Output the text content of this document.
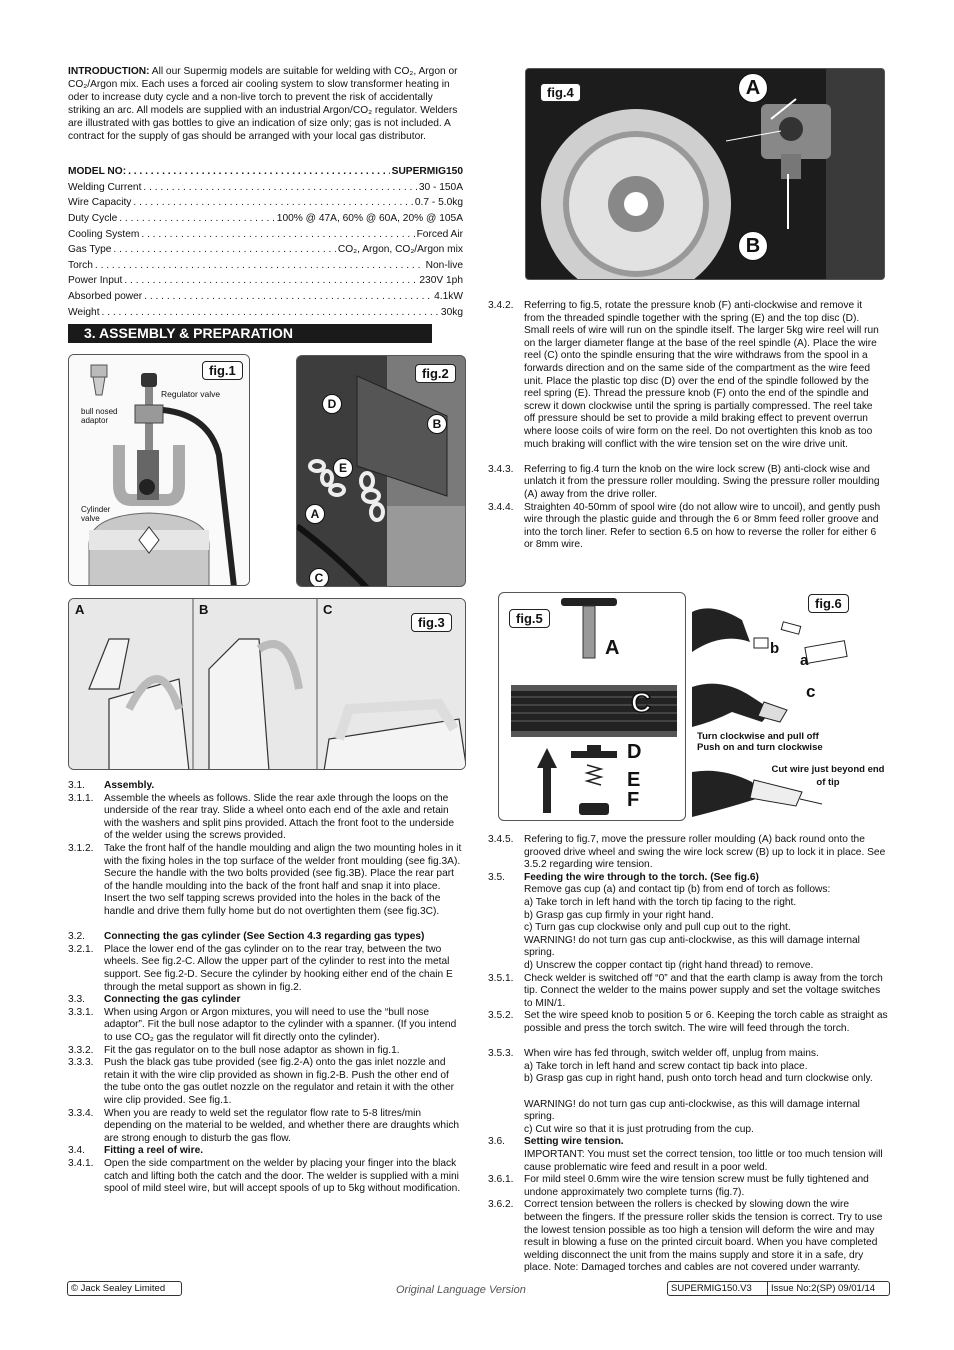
INTRODUCTION: All our Supermig models are suitable for welding with CO₂, Argon or CO₂/Argon mix. Each uses a forced air cooling system to slow transformer heating in oder to increase duty cycle and a non-live torch to prevent the risk of accidentally striking an arc. All models are supplied with an industrial Argon/CO₂ regulator. Welders are illustrated with gas bottles to give an indication of size only; gas is not included. A contract for the supply of gas should be arranged with your local gas distributor.
MODEL NO: . . .	SUPERMIG150
Welding Current . . .	30 - 150A
Wire Capacity . . .	0.7 - 5.0kg
Duty Cycle . . .	100% @ 47A, 60% @ 60A, 20% @ 105A
Cooling System . . .	Forced Air
Gas Type . . .	CO₂, Argon, CO₂/Argon mix
Torch . . .	Non-live
Power Input . . .	230V 1ph
Absorbed power . . .	4.1kW
Weight . . .	30kg
3. ASSEMBLY & PREPARATION
fig.1
Regulator valve
bull nosed adaptor
Cylinder valve
fig.2
D
B
E
A
C
A	B	C
fig.3
fig.4	A
B
fig.5
A
C
D
E
F
fig.6
b
a
c
Turn clockwise and pull off
Push on and turn clockwise
Cut wire just beyond end of tip
3.1.	Assembly.
3.1.1.	Assemble the wheels as follows. Slide the rear axle through the loops on the underside of the rear tray. Slide a wheel onto each end of the axle and retain with the washers and split pins provided. Attach the front foot to the underside of the welder using the screws provided.
3.1.2.	Take the front half of the handle moulding and align the two mounting holes in it with the fixing holes in the top surface of the welder front moulding (see fig.3A). Secure the handle with the two bolts provided (see fig.3B). Place the rear part of the handle moulding into the back of the front half and snap it into place. Insert the two self tapping screws provided into the holes in the back of the handle and drive them fully home but do not overtighten them (see fig.3C).
3.2.	Connecting the gas cylinder (See Section 4.3 regarding gas types)
3.2.1.	Place the lower end of the gas cylinder on to the rear tray, between the two wheels. See fig.2-C. Allow the upper part of the cylinder to rest into the metal support. See fig.2-D. Secure the cylinder by hooking either end of the chain E through the metal support as shown in fig.2.
3.3.	Connecting the gas cylinder
3.3.1.	When using Argon or Argon mixtures, you will need to use the “bull nose adaptor”. Fit the bull nose adaptor to the cylinder with a spanner. (If you intend to use CO₂ gas the regulator will fit directly onto the cylinder).
3.3.2.	Fit the gas regulator on to the bull nose adaptor as shown in fig.1.
3.3.3.	Push the black gas tube provided (see fig.2-A) onto the gas inlet nozzle and retain it with the wire clip provided as shown in fig.2-B. Push the other end of the tube onto the gas outlet nozzle on the regulator and retain it with the other wire clip provided. See fig.1.
3.3.4.	When you are ready to weld set the regulator flow rate to 5-8 litres/min depending on the material to be welded, and whether there are draughts which are strong enough to disturb the gas flow.
3.4.	Fitting a reel of wire.
3.4.1.	Open the side compartment on the welder by placing your finger into the black catch and lifting both the catch and the door. The welder is supplied with a mini spool of mild steel wire, but will accept spools of up to 5kg without modification.
3.4.2.	Referring to fig.5, rotate the pressure knob (F) anti-clockwise and remove it from the threaded spindle together with the spring (E) and the top disc (D). Small reels of wire will run on the spindle itself. The larger 5kg wire reel will run on the larger diameter flange at the base of the reel spindle (A). Place the wire reel (C) onto the spindle ensuring that the wire withdraws from the spool in a forwards direction and on the same side of the compartment as the wire feed unit. Place the plastic top disc (D) over the end of the spindle followed by the reel spring (E). Thread the pressure knob (F) onto the end of the spindle and screw it down clockwise until the spring is partially compressed. The reel take off pressure should be set to provide a mild braking effect to prevent overrun where loose coils of wire form on the reel. Do not overtighten this knob as too much braking will conflict with the wire tension set on the wire drive unit.
3.4.3.	Referring to fig.4 turn the knob on the wire lock screw (B) anti-clock wise and unlatch it from the pressure roller moulding. Swing the pressure roller moulding (A) away from the drive roller.
3.4.4.	Straighten 40-50mm of spool wire (do not allow wire to uncoil), and gently push wire through the plastic guide and through the 6 or 8mm feed roller groove and into the torch liner. Refer to section 6.5 on how to reverse the roller for either 6 or 8mm wire.
3.4.5.	Refering to fig.7, move the pressure roller moulding (A) back round onto the grooved drive wheel and swing the wire lock screw (B) up to lock it in place. See 3.5.2 regarding wire tension.
3.5.	Feeding the wire through to the torch. (See fig.6)
Remove gas cup (a) and contact tip (b) from end of torch as follows:
a) Take torch in left hand with the torch tip facing to the right.
b) Grasp gas cup firmly in your right hand.
c) Turn gas cup clockwise only and pull cup out to the right.
WARNING! do not turn gas cup anti-clockwise, as this will damage internal spring.
d) Unscrew the copper contact tip (right hand thread) to remove.
3.5.1.	Check welder is switched off “0” and that the earth clamp is away from the torch tip. Connect the welder to the mains power supply and set the voltage switches to MIN/1.
3.5.2.	Set the wire speed knob to position 5 or 6. Keeping the torch cable as straight as possible and press the torch switch. The wire will feed through the torch.
3.5.3.	When wire has fed through, switch welder off, unplug from mains.
a) Take torch in left hand and screw contact tip back into place.
b) Grasp gas cup in right hand, push onto torch head and turn clockwise only.
WARNING! do not turn gas cup anti-clockwise, as this will damage internal spring.
c) Cut wire so that it is just protruding from the cup.
3.6.	Setting wire tension.
IMPORTANT: You must set the correct tension, too little or too much tension will cause problematic wire feed and result in a poor weld.
3.6.1.	For mild steel 0.6mm wire the wire tension screw must be fully tightened and undone approximately two complete turns (fig.7).
3.6.2.	Correct tension between the rollers is checked by slowing down the wire between the fingers. If the pressure roller skids the tension is correct. Try to use the lowest tension possible as too high a tension will deform the wire and may result in blowing a fuse on the printed circuit board. When you have completed welding disconnect the unit from the mains supply and store it in a safe, dry place. Note: Damaged torches and cables are not covered under warranty.
© Jack Sealey Limited	Original Language Version	SUPERMIG150.V3	Issue No:2(SP) 09/01/14
